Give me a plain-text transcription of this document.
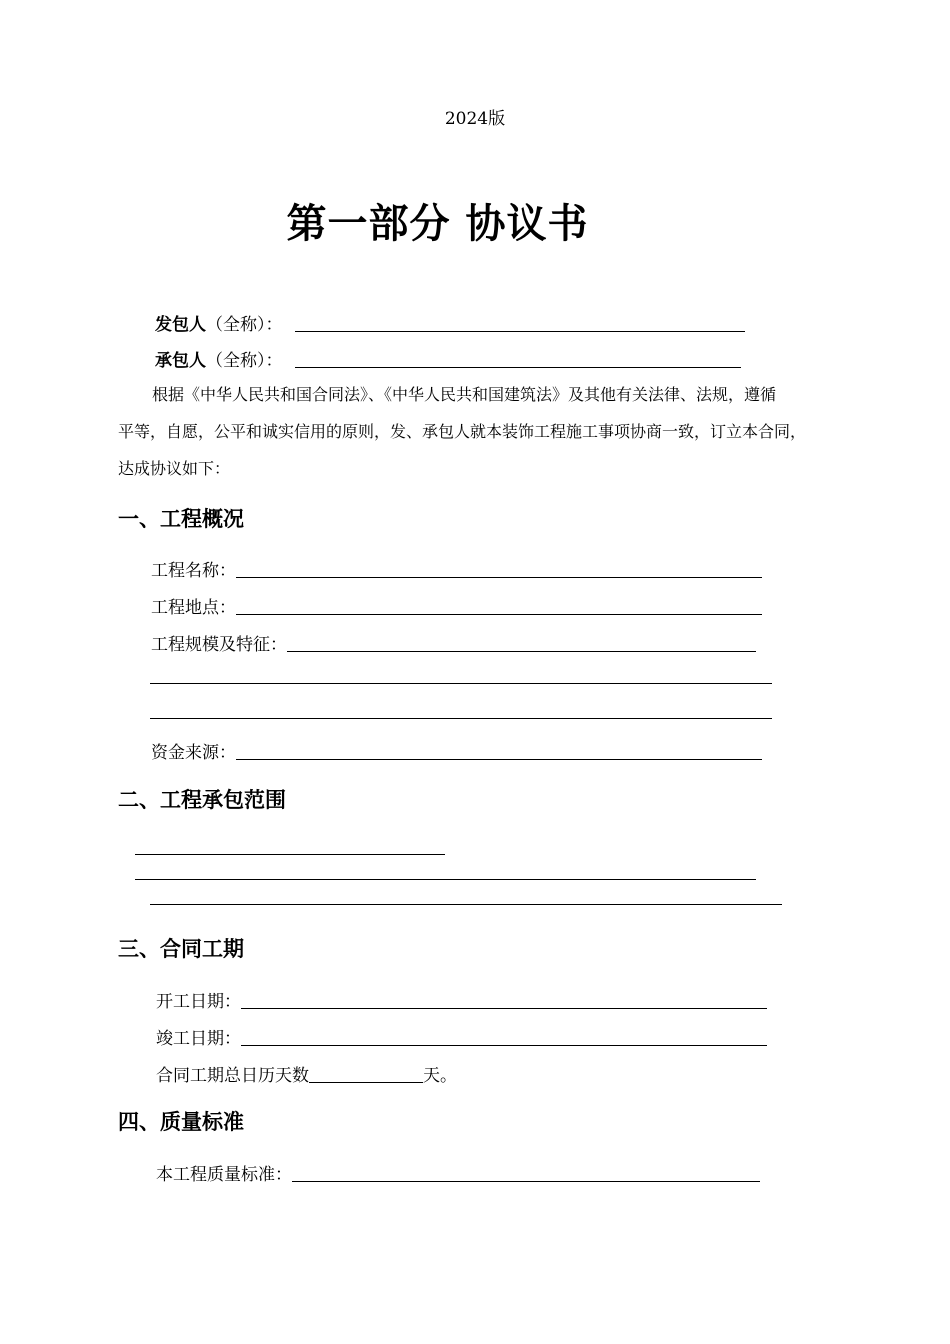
2024版
第一部分 协议书
发包人 （全称）：
承包人 （全称）：
根据《中华人民共和国合同法》、《中华人民共和国建筑法》及其他有关法律、法规，遵循
平等，自愿，公平和诚实信用的原则，发、承包人就本装饰工程施工事项协商一致，订立本合同，
达成协议如下：
一、工程概况
工程名称：
工程地点：
工程规模及特征：
资金来源：
二、工程承包范围
三、合同工期
开工日期：
竣工日期：
合同工期总日历天数	天。
四、质量标准
本工程质量标准：
